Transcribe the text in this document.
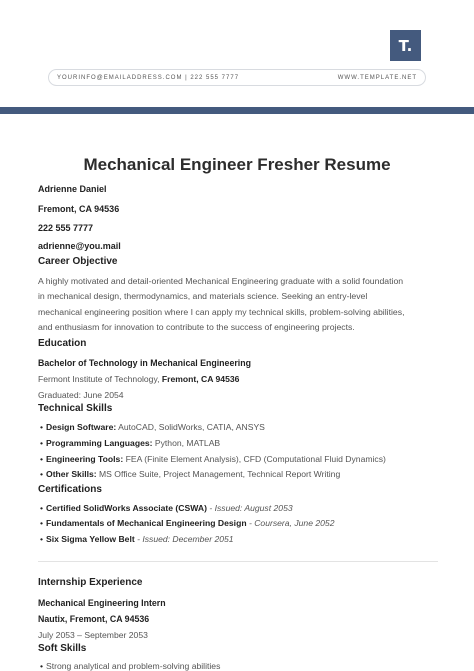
T.
YOURINFO@EMAILADDRESS.COM | 222 555 7777	WWW.TEMPLATE.NET
Mechanical Engineer Fresher Resume
Adrienne Daniel
Fremont, CA 94536
222 555 7777
adrienne@you.mail
Career Objective
A highly motivated and detail-oriented Mechanical Engineering graduate with a solid foundation
in mechanical design, thermodynamics, and materials science. Seeking an entry-level
mechanical engineering position where I can apply my technical skills, problem-solving abilities,
and enthusiasm for innovation to contribute to the success of engineering projects.
Education
Bachelor of Technology in Mechanical Engineering
Fermont Institute of Technology, Fremont, CA 94536
Graduated: June 2054
Technical Skills
• Design Software: AutoCAD, SolidWorks, CATIA, ANSYS
• Programming Languages: Python, MATLAB
• Engineering Tools: FEA (Finite Element Analysis), CFD (Computational Fluid Dynamics)
• Other Skills: MS Office Suite, Project Management, Technical Report Writing
Certifications
• Certified SolidWorks Associate (CSWA) - Issued: August 2053
• Fundamentals of Mechanical Engineering Design - Coursera, June 2052
• Six Sigma Yellow Belt - Issued: December 2051
Internship Experience
Mechanical Engineering Intern
Nautix, Fremont, CA 94536
July 2053 – September 2053
Soft Skills
• Strong analytical and problem-solving abilities
